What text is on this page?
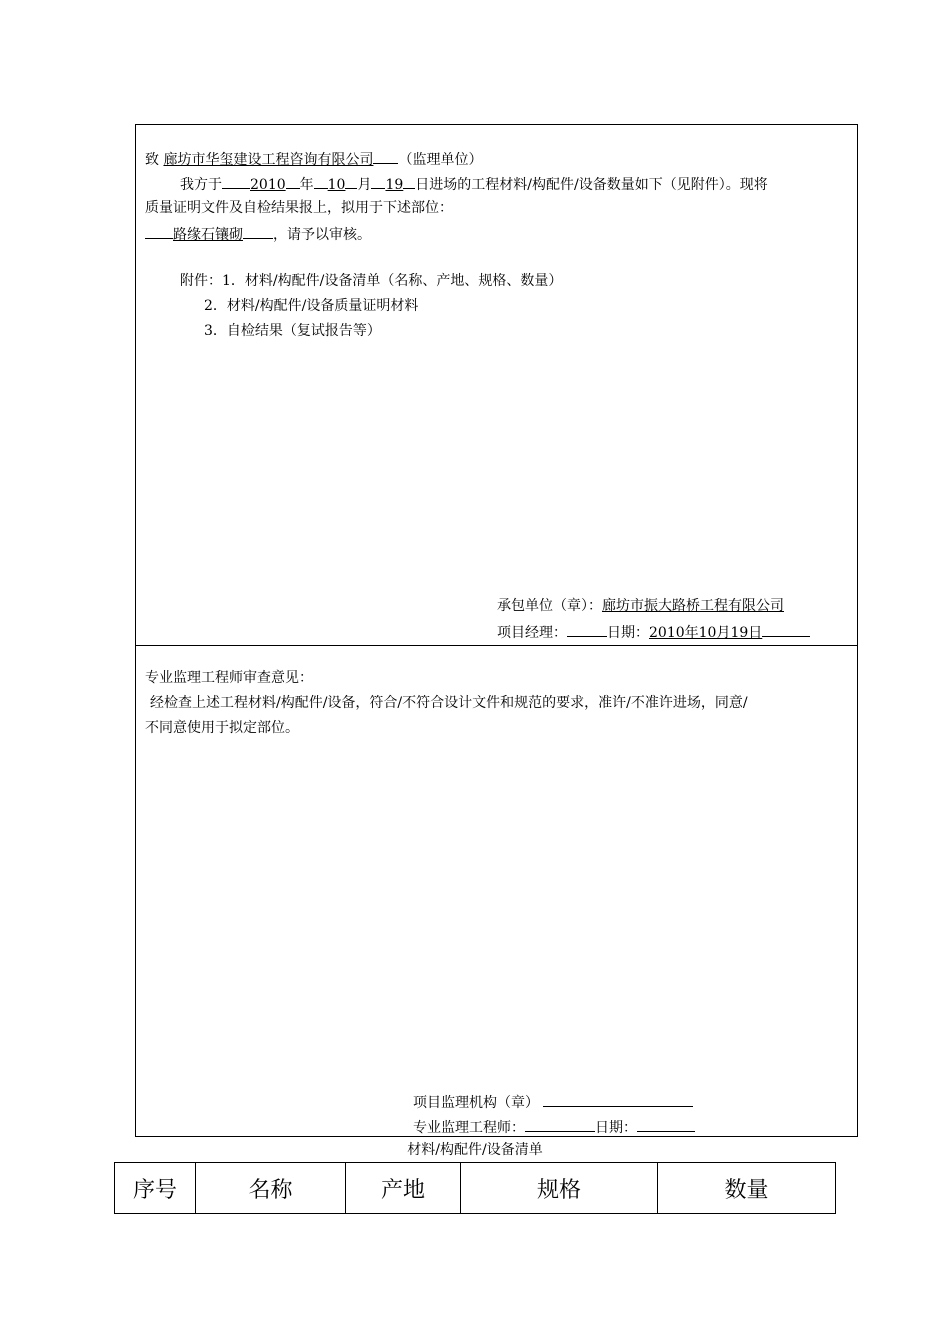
致 廊坊市华玺建设工程咨询有限公司 （监理单位）
我方于 2010 年 10 月 19 日进场的工程材料/构配件/设备数量如下（见附件）。现将
质量证明文件及自检结果报上，拟用于下述部位：
路缘石镶砌 ，请予以审核。
附件：1．材料/构配件/设备清单（名称、产地、规格、数量）
2．材料/构配件/设备质量证明材料
3．自检结果（复试报告等）
承包单位（章）：廊坊市振大路桥工程有限公司
项目经理：	日期：2010年10月19日
专业监理工程师审查意见：
经检查上述工程材料/构配件/设备，符合/不符合设计文件和规范的要求，准许/不准许进场，同意/
不同意使用于拟定部位。
项目监理机构（章）
专业监理工程师：	日期：
材料/构配件/设备清单
序号	名称	产地	规格	数量
